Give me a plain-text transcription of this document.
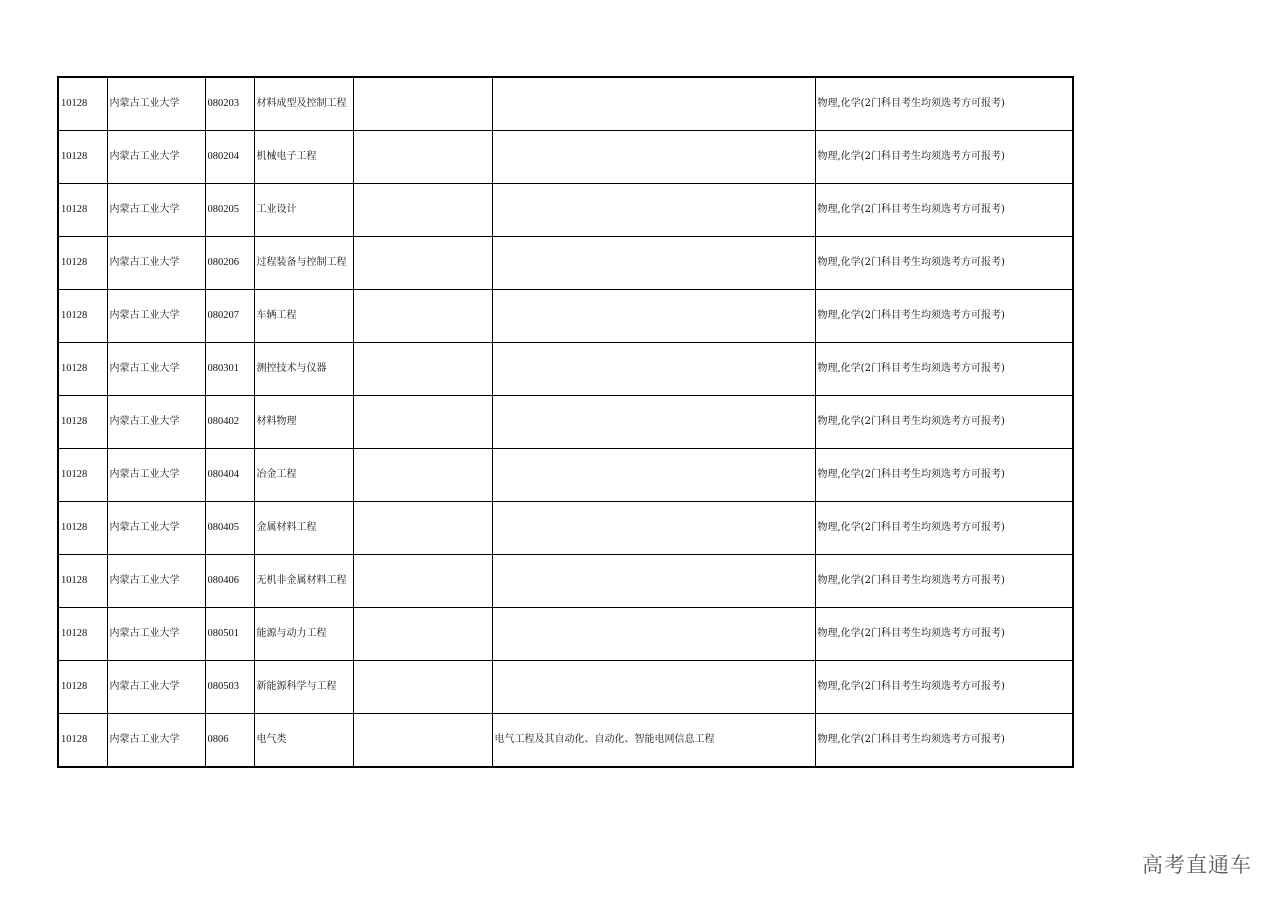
10128	内蒙古工业大学	080203	材料成型及控制工程			物理,化学(2门科目考生均须选考方可报考)
10128	内蒙古工业大学	080204	机械电子工程			物理,化学(2门科目考生均须选考方可报考)
10128	内蒙古工业大学	080205	工业设计			物理,化学(2门科目考生均须选考方可报考)
10128	内蒙古工业大学	080206	过程装备与控制工程			物理,化学(2门科目考生均须选考方可报考)
10128	内蒙古工业大学	080207	车辆工程			物理,化学(2门科目考生均须选考方可报考)
10128	内蒙古工业大学	080301	测控技术与仪器			物理,化学(2门科目考生均须选考方可报考)
10128	内蒙古工业大学	080402	材料物理			物理,化学(2门科目考生均须选考方可报考)
10128	内蒙古工业大学	080404	冶金工程			物理,化学(2门科目考生均须选考方可报考)
10128	内蒙古工业大学	080405	金属材料工程			物理,化学(2门科目考生均须选考方可报考)
10128	内蒙古工业大学	080406	无机非金属材料工程			物理,化学(2门科目考生均须选考方可报考)
10128	内蒙古工业大学	080501	能源与动力工程			物理,化学(2门科目考生均须选考方可报考)
10128	内蒙古工业大学	080503	新能源科学与工程			物理,化学(2门科目考生均须选考方可报考)
10128	内蒙古工业大学	0806	电气类		电气工程及其自动化、自动化、智能电网信息工程	物理,化学(2门科目考生均须选考方可报考)
高考直通车
